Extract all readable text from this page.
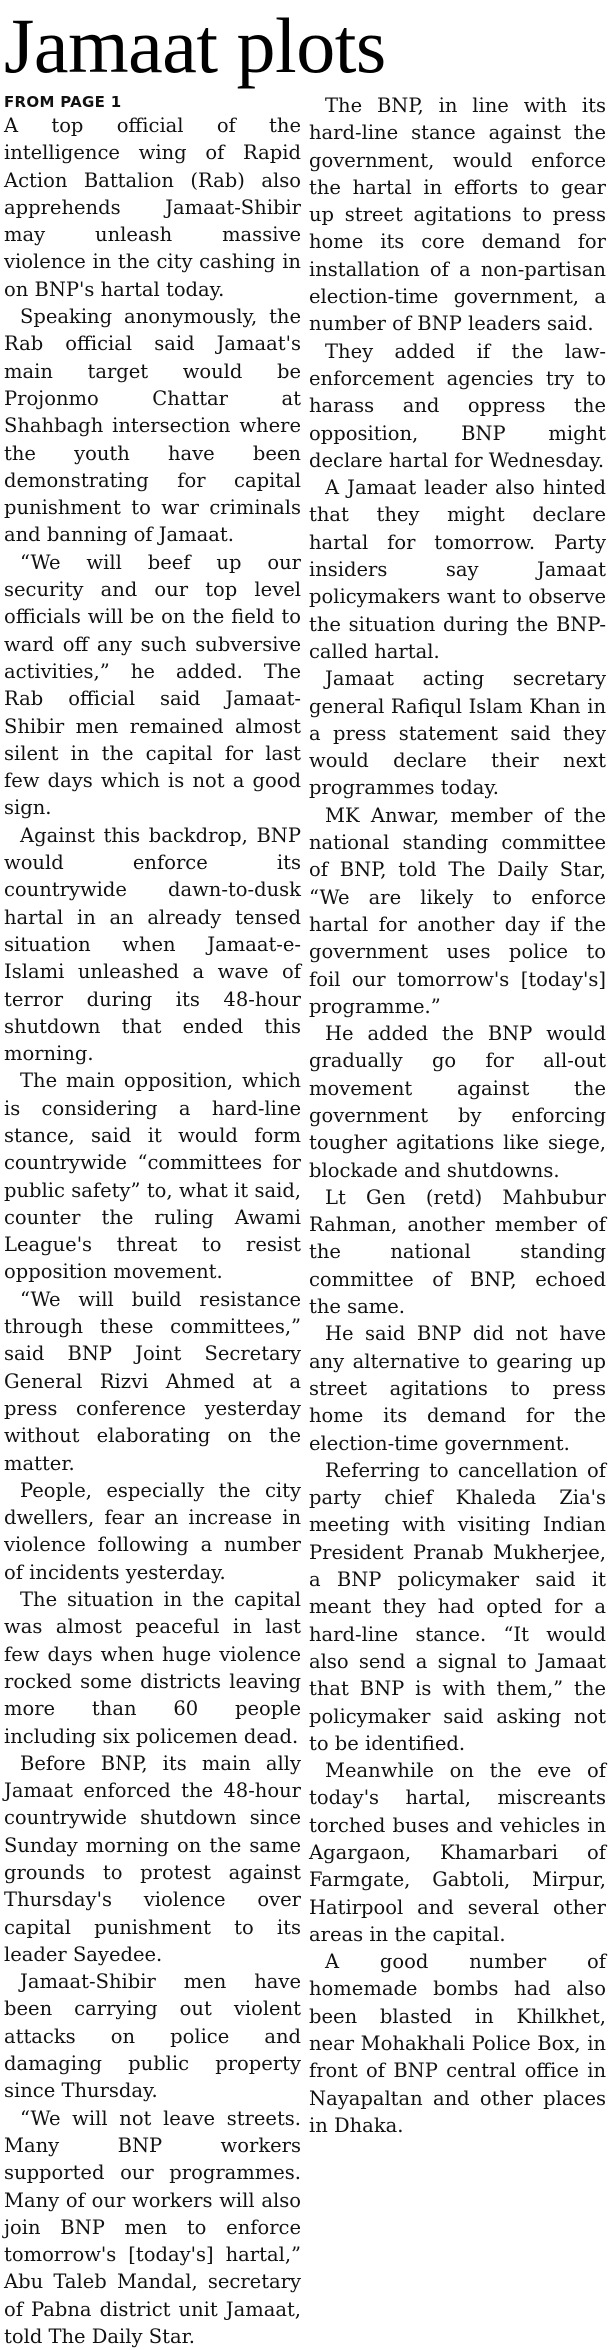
Jamaat plots
FROM PAGE 1

A top official of the intelligence wing of Rapid Action Battalion (Rab) also apprehends Jamaat-Shibir may unleash massive violence in the city cashing in on BNP's hartal today.

Speaking anonymously, the Rab official said Jamaat's main target would be Projonmo Chattar at Shahbagh intersection where the youth have been demonstrating for capital punishment to war criminals and banning of Jamaat.

“We will beef up our security and our top level officials will be on the field to ward off any such subversive activities,” he added. The Rab official said Jamaat-Shibir men remained almost silent in the capital for last few days which is not a good sign.

Against this backdrop, BNP would enforce its countrywide dawn-to-dusk hartal in an already tensed situation when Jamaat-e-Islami unleashed a wave of terror during its 48-hour shutdown that ended this morning.

The main opposition, which is considering a hard-line stance, said it would form countrywide “committees for public safety” to, what it said, counter the ruling Awami League's threat to resist opposition movement.

“We will build resistance through these committees,” said BNP Joint Secretary General Rizvi Ahmed at a press conference yesterday without elaborating on the matter.

People, especially the city dwellers, fear an increase in violence following a number of incidents yesterday.

The situation in the capital was almost peaceful in last few days when huge violence rocked some districts leaving more than 60 people including six policemen dead.

Before BNP, its main ally Jamaat enforced the 48-hour countrywide shutdown since Sunday morning on the same grounds to protest against Thursday's violence over capital punishment to its leader Sayedee.

Jamaat-Shibir men have been carrying out violent attacks on police and damaging public property since Thursday.

“We will not leave streets. Many BNP workers supported our programmes. Many of our workers will also join BNP men to enforce tomorrow's [today's] hartal,” Abu Taleb Mandal, secretary of Pabna district unit Jamaat, told The Daily Star.

The BNP, in line with its hard-line stance against the government, would enforce the hartal in efforts to gear up street agitations to press home its core demand for installation of a non-partisan election-time government, a number of BNP leaders said.

They added if the law-enforcement agencies try to harass and oppress the opposition, BNP might declare hartal for Wednesday.

A Jamaat leader also hinted that they might declare hartal for tomorrow. Party insiders say Jamaat policymakers want to observe the situation during the BNP-called hartal.

Jamaat acting secretary general Rafiqul Islam Khan in a press statement said they would declare their next programmes today.

MK Anwar, member of the national standing committee of BNP, told The Daily Star, “We are likely to enforce hartal for another day if the government uses police to foil our tomorrow's [today's] programme.”

He added the BNP would gradually go for all-out movement against the government by enforcing tougher agitations like siege, blockade and shutdowns.

Lt Gen (retd) Mahbubur Rahman, another member of the national standing committee of BNP, echoed the same.

He said BNP did not have any alternative to gearing up street agitations to press home its demand for the election-time government.

Referring to cancellation of party chief Khaleda Zia's meeting with visiting Indian President Pranab Mukherjee, a BNP policymaker said it meant they had opted for a hard-line stance. “It would also send a signal to Jamaat that BNP is with them,” the policymaker said asking not to be identified.

Meanwhile on the eve of today's hartal, miscreants torched buses and vehicles in Agargaon, Khamarbari of Farmgate, Gabtoli, Mirpur, Hatirpool and several other areas in the capital.

A good number of homemade bombs had also been blasted in Khilkhet, near Mohakhali Police Box, in front of BNP central office in Nayapaltan and other places in Dhaka.
